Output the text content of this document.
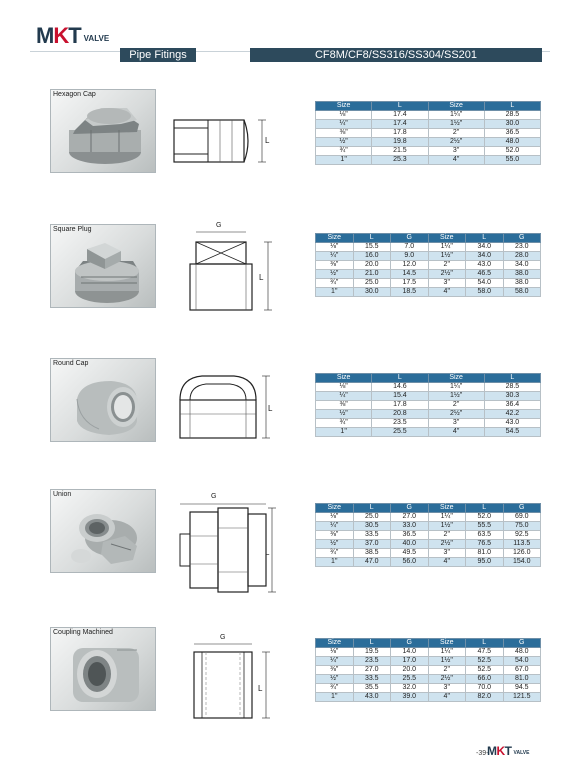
MKT VALVE
Pipe Fitings	CF8M/CF8/SS316/SS304/SS201
Hexagon Cap
L
Size	L	Size	L
⅛"	17.4	1¼"	28.5
¼"	17.4	1½"	30.0
⅜"	17.8	2"	36.5
½"	19.8	2½"	48.0
¾"	21.5	3"	52.0
1"	25.3	4"	55.0
Square Plug
G
L
Size	L	G	Size	L	G
⅛"	15.5	7.0	1¼"	34.0	23.0
¼"	16.0	9.0	1½"	34.0	28.0
⅜"	20.0	12.0	2"	43.0	34.0
½"	21.0	14.5	2½"	46.5	38.0
¾"	25.0	17.5	3"	54.0	38.0
1"	30.0	18.5	4"	58.0	58.0
Round Cap
L
Size	L	Size	L
⅛"	14.6	1¼"	28.5
¼"	15.4	1½"	30.3
⅜"	17.8	2"	36.4
½"	20.8	2½"	42.2
¾"	23.5	3"	43.0
1"	25.5	4"	54.5
Union	G
L
Size	L	G	Size	L	G
⅛"	25.0	27.0	1¼"	52.0	69.0
¼"	30.5	33.0	1½"	55.5	75.0
⅜"	33.5	36.5	2"	63.5	92.5
½"	37.0	40.0	2½"	76.5	113.5
¾"	38.5	49.5	3"	81.0	126.0
1"	47.0	56.0	4"	95.0	154.0
Coupling Machined
G
L
Size	L	G	Size	L	G
⅛"	19.5	14.0	1¼"	47.5	48.0
¼"	23.5	17.0	1½"	52.5	54.0
⅜"	27.0	20.0	2"	52.5	67.0
½"	33.5	25.5	2½"	66.0	81.0
¾"	35.5	32.0	3"	70.0	94.5
1"	43.0	39.0	4"	82.0	121.5
-39-
MKT VALVE
